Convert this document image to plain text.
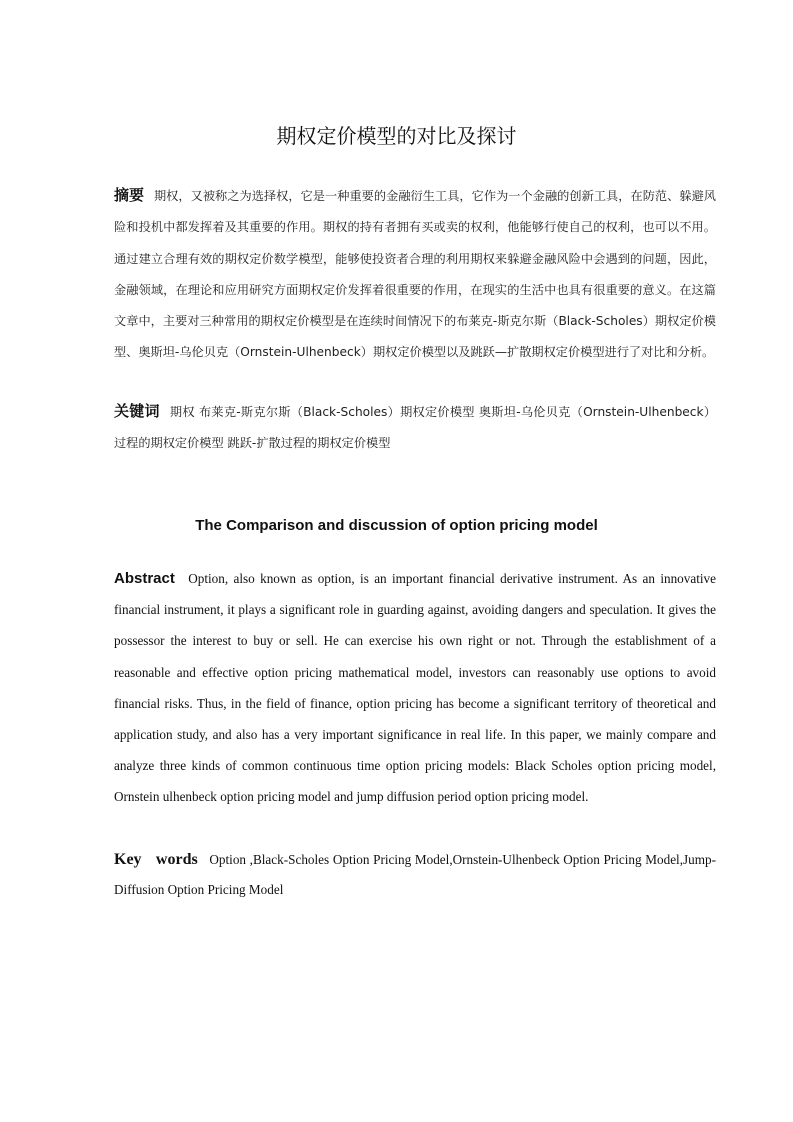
期权定价模型的对比及探讨
摘要 期权，又被称之为选择权，它是一种重要的金融衍生工具，它作为一个金融的创新工具，在防范、躲避风险和投机中都发挥着及其重要的作用。期权的持有者拥有买或卖的权利，他能够行使自己的权利，也可以不用。通过建立合理有效的期权定价数学模型，能够使投资者合理的利用期权来躲避金融风险中会遇到的问题，因此，金融领域，在理论和应用研究方面期权定价发挥着很重要的作用，在现实的生活中也具有很重要的意义。在这篇文章中，主要对三种常用的期权定价模型是在连续时间情况下的布莱克-斯克尔斯（Black-Scholes）期权定价模型、奥斯坦-乌伦贝克（Ornstein-Ulhenbeck）期权定价模型以及跳跃—扩散期权定价模型进行了对比和分析。
关键词 期权 布莱克-斯克尔斯（Black-Scholes）期权定价模型 奥斯坦-乌伦贝克（Ornstein-Ulhenbeck）过程的期权定价模型 跳跃-扩散过程的期权定价模型
The Comparison and discussion of option pricing model
Abstract Option, also known as option, is an important financial derivative instrument. As an innovative financial instrument, it plays a significant role in guarding against, avoiding dangers and speculation. It gives the possessor the interest to buy or sell. He can exercise his own right or not. Through the establishment of a reasonable and effective option pricing mathematical model, investors can reasonably use options to avoid financial risks. Thus, in the field of finance, option pricing has become a significant territory of theoretical and application study, and also has a very important significance in real life. In this paper, we mainly compare and analyze three kinds of common continuous time option pricing models: Black Scholes option pricing model, Ornstein ulhenbeck option pricing model and jump diffusion period option pricing model.
Key words Option ,Black-Scholes Option Pricing Model,Ornstein-Ulhenbeck Option Pricing Model,Jump-Diffusion Option Pricing Model
